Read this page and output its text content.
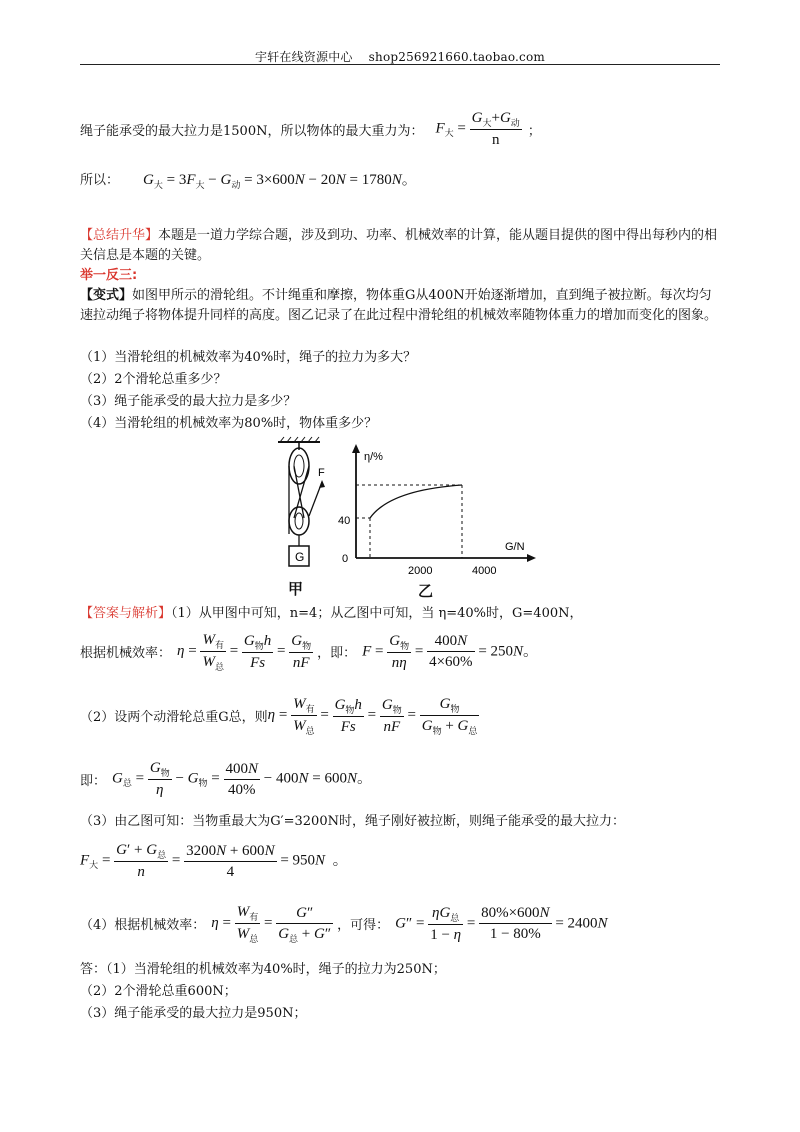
宇轩在线资源中心 shop256921660.taobao.com
绳子能承受的最大拉力是1500N，所以物体的最大重力为： $F_大 = \frac{G_大+G_动}{n}$ ；
所以： $G_大 = 3F_大 - G_动 = 3\times 600N - 20N = 1780N$。
【总结升华】本题是一道力学综合题，涉及到功、功率、机械效率的计算，能从题目提供的图中得出每秒内的相关信息是本题的关键。
举一反三:
【变式】如图甲所示的滑轮组。不计绳重和摩擦，物体重G从400N开始逐渐增加，直到绳子被拉断。每次均匀速拉动绳子将物体提升同样的高度。图乙记录了在此过程中滑轮组的机械效率随物体重力的增加而变化的图象。
（1）当滑轮组的机械效率为40%时，绳子的拉力为多大？
（2）2个滑轮总重多少？
（3）绳子能承受的最大拉力是多少？
（4）当滑轮组的机械效率为80%时，物体重多少？
F
G
甲
η/%
G/N
40
0
2000	4000
乙
【答案与解析】（1）从甲图中可知，n=4；从乙图中可知，当 η=40%时，G=400N，
根据机械效率： $\eta = \frac{W_有}{W_总} = \frac{G_物h}{Fs} = \frac{G_物}{nF}$ ，即： $F = \frac{G_物}{n\eta} = \frac{400N}{4\times 60\%} = 250N$。
（2）设两个动滑轮总重G总，则 $\eta = \frac{W_有}{W_总} = \frac{G_物h}{Fs} = \frac{G_物}{nF} = \frac{G_物}{G_物 + G_总}$
即： $G_总 = \frac{G_物}{\eta} - G_物 = \frac{400N}{40\%} - 400N = 600N$。
（3）由乙图可知：当物重最大为G′=3200N时，绳子刚好被拉断，则绳子能承受的最大拉力：
$F_大 = \frac{G' + G_总}{n} = \frac{3200N + 600N}{4} = 950N$  。
（4）根据机械效率： $\eta = \frac{W_有}{W_总} = \frac{G''}{G_总 + G''}$ ，可得： $G'' = \frac{\eta G_总}{1 - \eta} = \frac{80\%\times 600N}{1 - 80\%} = 2400N$
答：（1）当滑轮组的机械效率为40%时，绳子的拉力为250N；
（2）2个滑轮总重600N；
（3）绳子能承受的最大拉力是950N；
